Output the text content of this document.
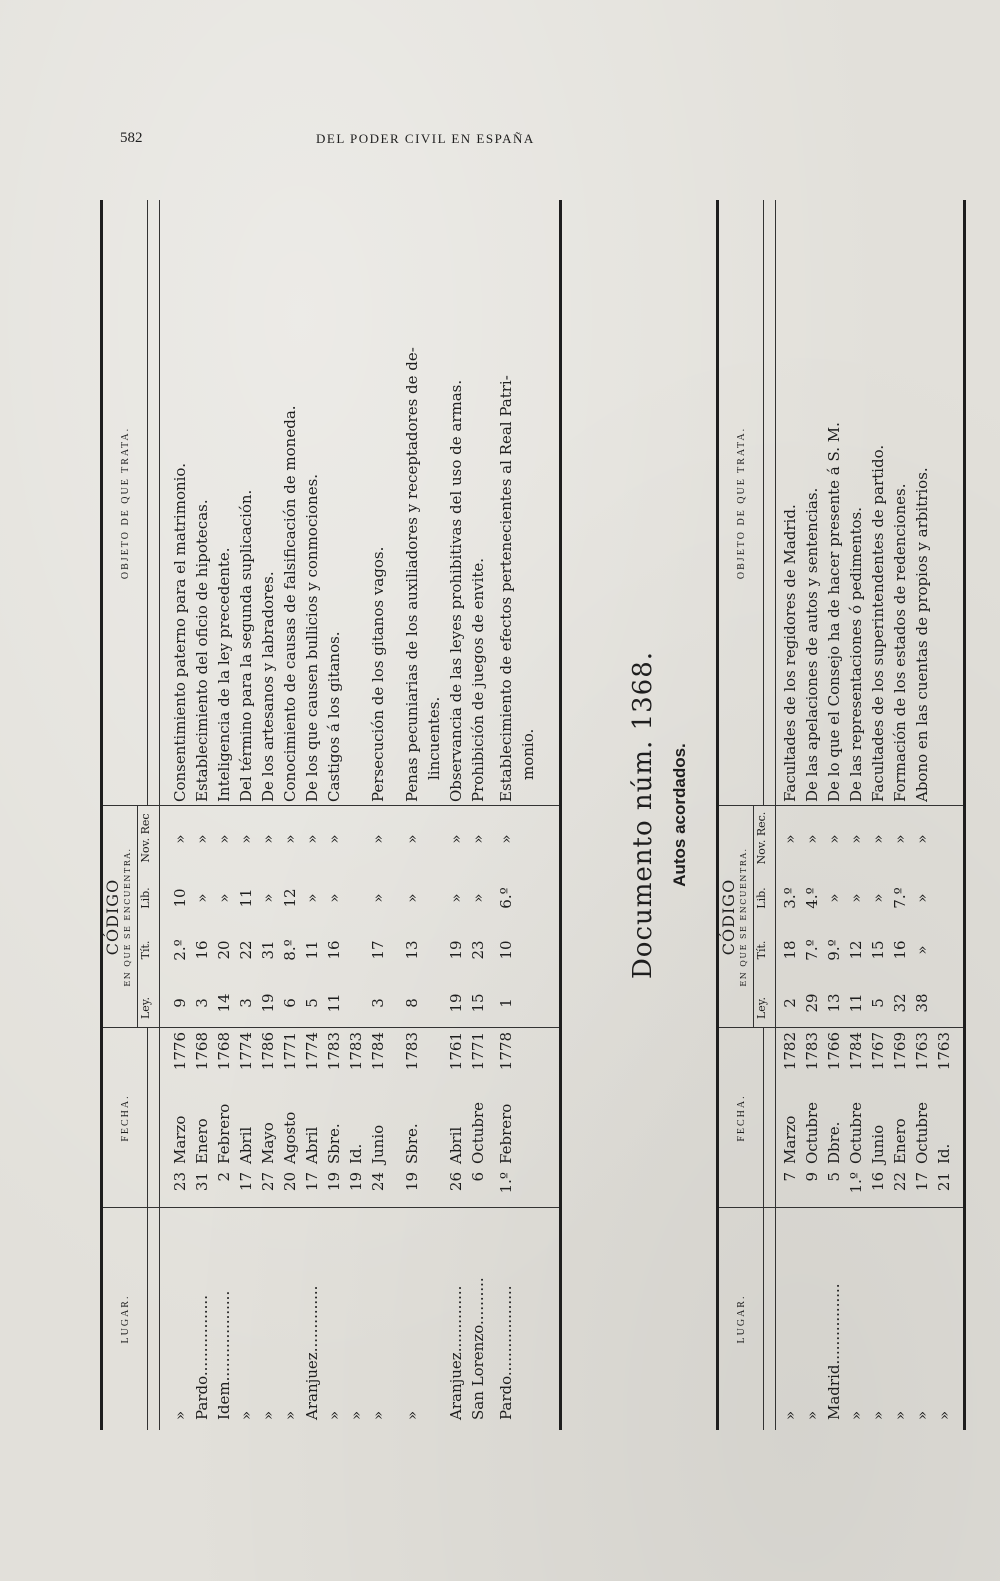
582	DEL PODER CIVIL EN ESPAÑA
LUGAR.
FECHA.
CÓDIGO EN QUE SE ENCUENTRA.
Ley.
Tít.
Lib.
Nov. Rec
OBJETO DE QUE TRATA.
»
23
Marzo
1776
9
2.º
10
»
Consentimiento paterno para el matrimonio.
Pardo.................
31
Enero
1768
3
16
»
»
Establecimiento del oficio de hipotecas.
Idem...................
2
Febrero
1768
14
20
»
»
Inteligencia de la ley precedente.
»
17
Abril
1774
3
22
11
»
Del término para la segunda suplicación.
»
27
Mayo
1786
19
31
»
»
De los artesanos y labradores.
»
20
Agosto
1771
6
8.º
12
»
Conocimiento de causas de falsificación de moneda.
Aranjuez..............
17
Abril
1774
5
11
»
»
De los que causen bullicios y conmociones.
»
19
Sbre.
1783
11
16
»
»
Castigos á los gitanos.
»
19
Id.
1783
»
24
Junio
1784
3
17
»
»
Persecución de los gitanos vagos.
»
19
Sbre.
1783
8
13
»
»
Penas pecuniarias de los auxiliadores y receptadores de de- lincuentes.
Aranjuez..............
26
Abril
1761
19
19
»
»
Observancia de las leyes prohibitivas del uso de armas.
San Lorenzo..........
6
Octubre
1771
15
23
»
»
Prohibición de juegos de envite.
Pardo...................
1.º
Febrero
1778
1
10
6.º
»
Establecimiento de efectos pertenecientes al Real Patri- monio.	Documento núm. 1368. Autos acordados.
LUGAR.
FECHA.
CÓDIGO EN QUE SE ENCUENTRA.
Ley.
Tít.
Lib.
Nov. Rec.
OBJETO DE QUE TRATA.
»
7
Marzo
1782
2
18
3.º
»
Facultades de los regidores de Madrid.
»
9
Octubre
1783
29
7.º
4.º
»
De las apelaciones de autos y sentencias.
Madrid.................
5
Dbre.
1766
13
9.º
»
»
De lo que el Consejo ha de hacer presente á S. M.
»
1.º
Octubre
1784
11
12
»
»
De las representaciones ó pedimentos.
»
16
Junio
1767
5
15
»
»
Facultades de los superintendentes de partido.
»
22
Enero
1769
32
16
7.º
»
Formación de los estados de redenciones.
»
17
Octubre
1763
38
»
»
»
Abono en las cuentas de propios y arbitrios.
»
21
Id.
1763
